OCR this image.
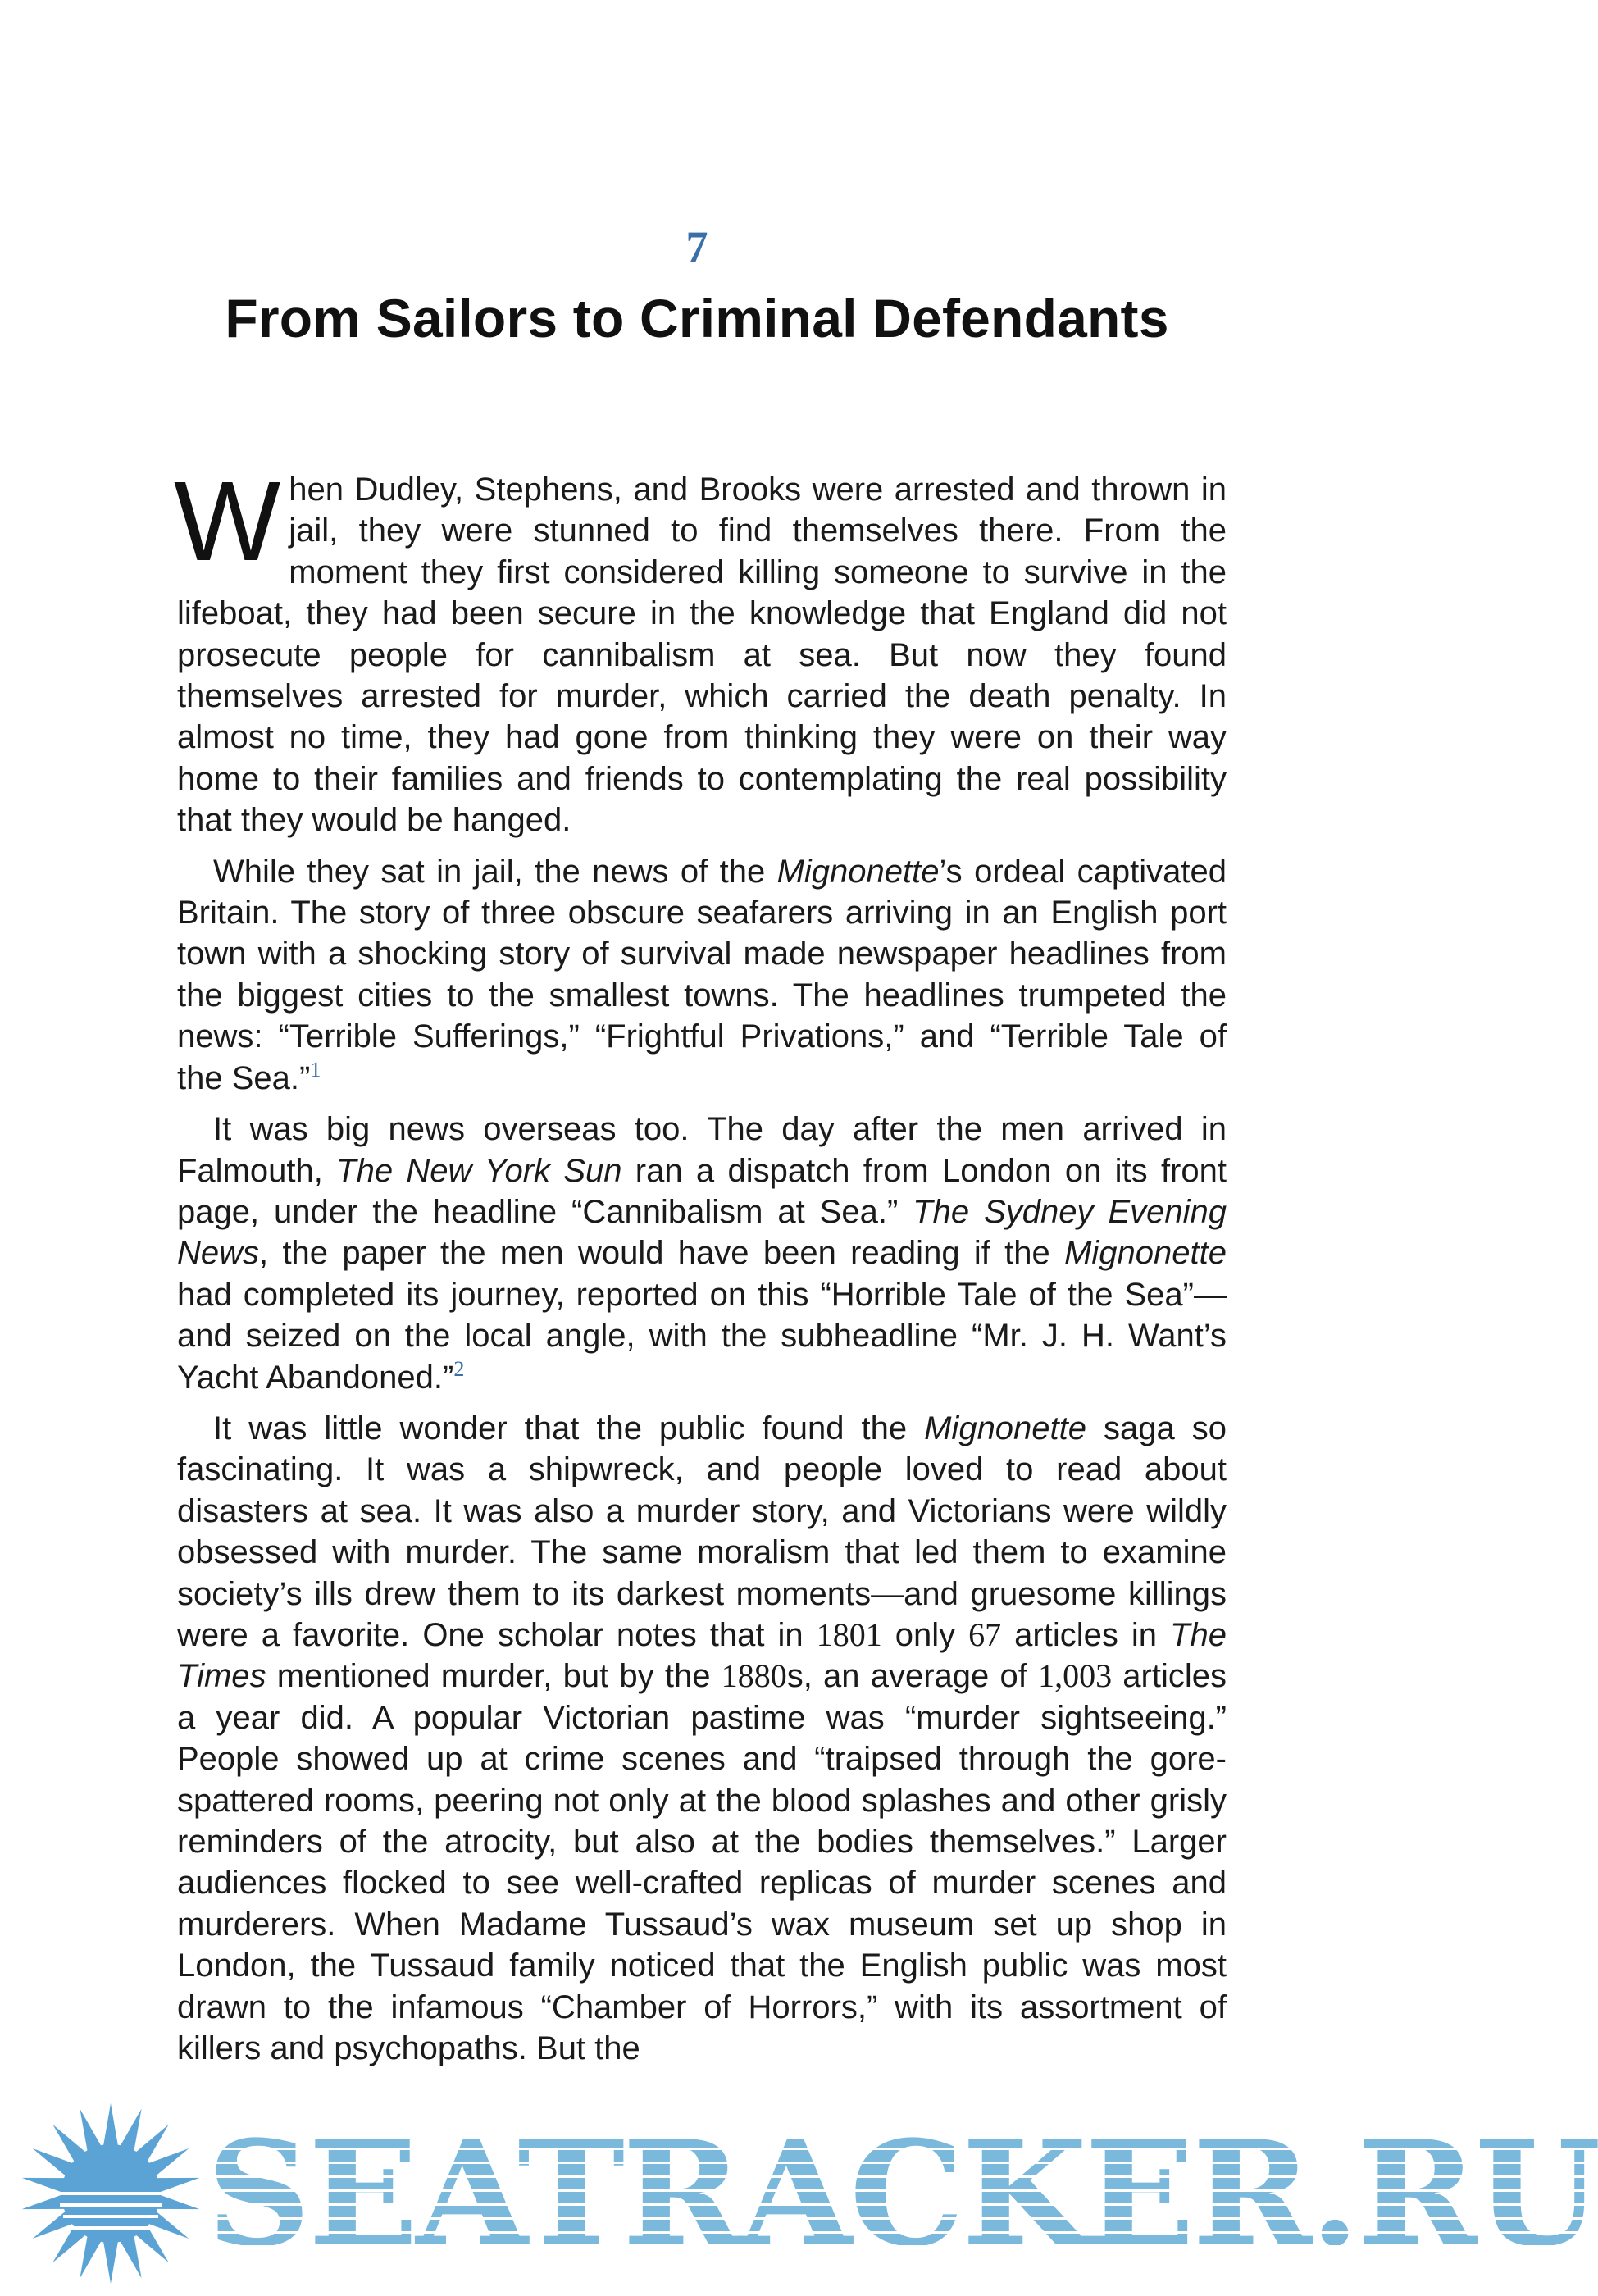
7
From Sailors to Criminal Defendants

When Dudley, Stephens, and Brooks were arrested and thrown in jail, they were stunned to find themselves there. From the moment they first considered killing someone to survive in the lifeboat, they had been secure in the knowledge that England did not prosecute people for cannibalism at sea. But now they found themselves arrested for murder, which carried the death penalty. In almost no time, they had gone from thinking they were on their way home to their families and friends to contemplating the real possibility that they would be hanged.

While they sat in jail, the news of the Mignonette’s ordeal captivated Britain. The story of three obscure seafarers arriving in an English port town with a shocking story of survival made newspaper headlines from the biggest cities to the smallest towns. The headlines trumpeted the news: “Terrible Sufferings,” “Frightful Privations,” and “Terrible Tale of the Sea.”$^1$

It was big news overseas too. The day after the men arrived in Falmouth, The New York Sun ran a dispatch from London on its front page, under the headline “Cannibalism at Sea.” The Sydney Evening News, the paper the men would have been reading if the Mignonette had completed its journey, reported on this “Horrible Tale of the Sea”—and seized on the local angle, with the subheadline “Mr. J. H. Want’s Yacht Abandoned.”$^2$

It was little wonder that the public found the Mignonette saga so fascinating. It was a shipwreck, and people loved to read about disasters at sea. It was also a murder story, and Victorians were wildly obsessed with murder. The same moralism that led them to examine society’s ills drew them to its darkest moments—and gruesome killings were a favorite. One scholar notes that in 1801 only 67 articles in The Times mentioned murder, but by the 1880s, an average of 1,003 articles a year did. A popular Victorian pastime was “murder sightseeing.” People showed up at crime scenes and “traipsed through the gore-spattered rooms, peering not only at the blood splashes and other grisly reminders of the atrocity, but also at the bodies themselves.” Larger audiences flocked to see well-crafted replicas of murder scenes and murderers. When Madame Tussaud’s wax museum set up shop in London, the Tussaud family noticed that the English public was most drawn to the infamous “Chamber of Horrors,” with its assortment of killers and psychopaths. But the

SEATRACKER.RU
